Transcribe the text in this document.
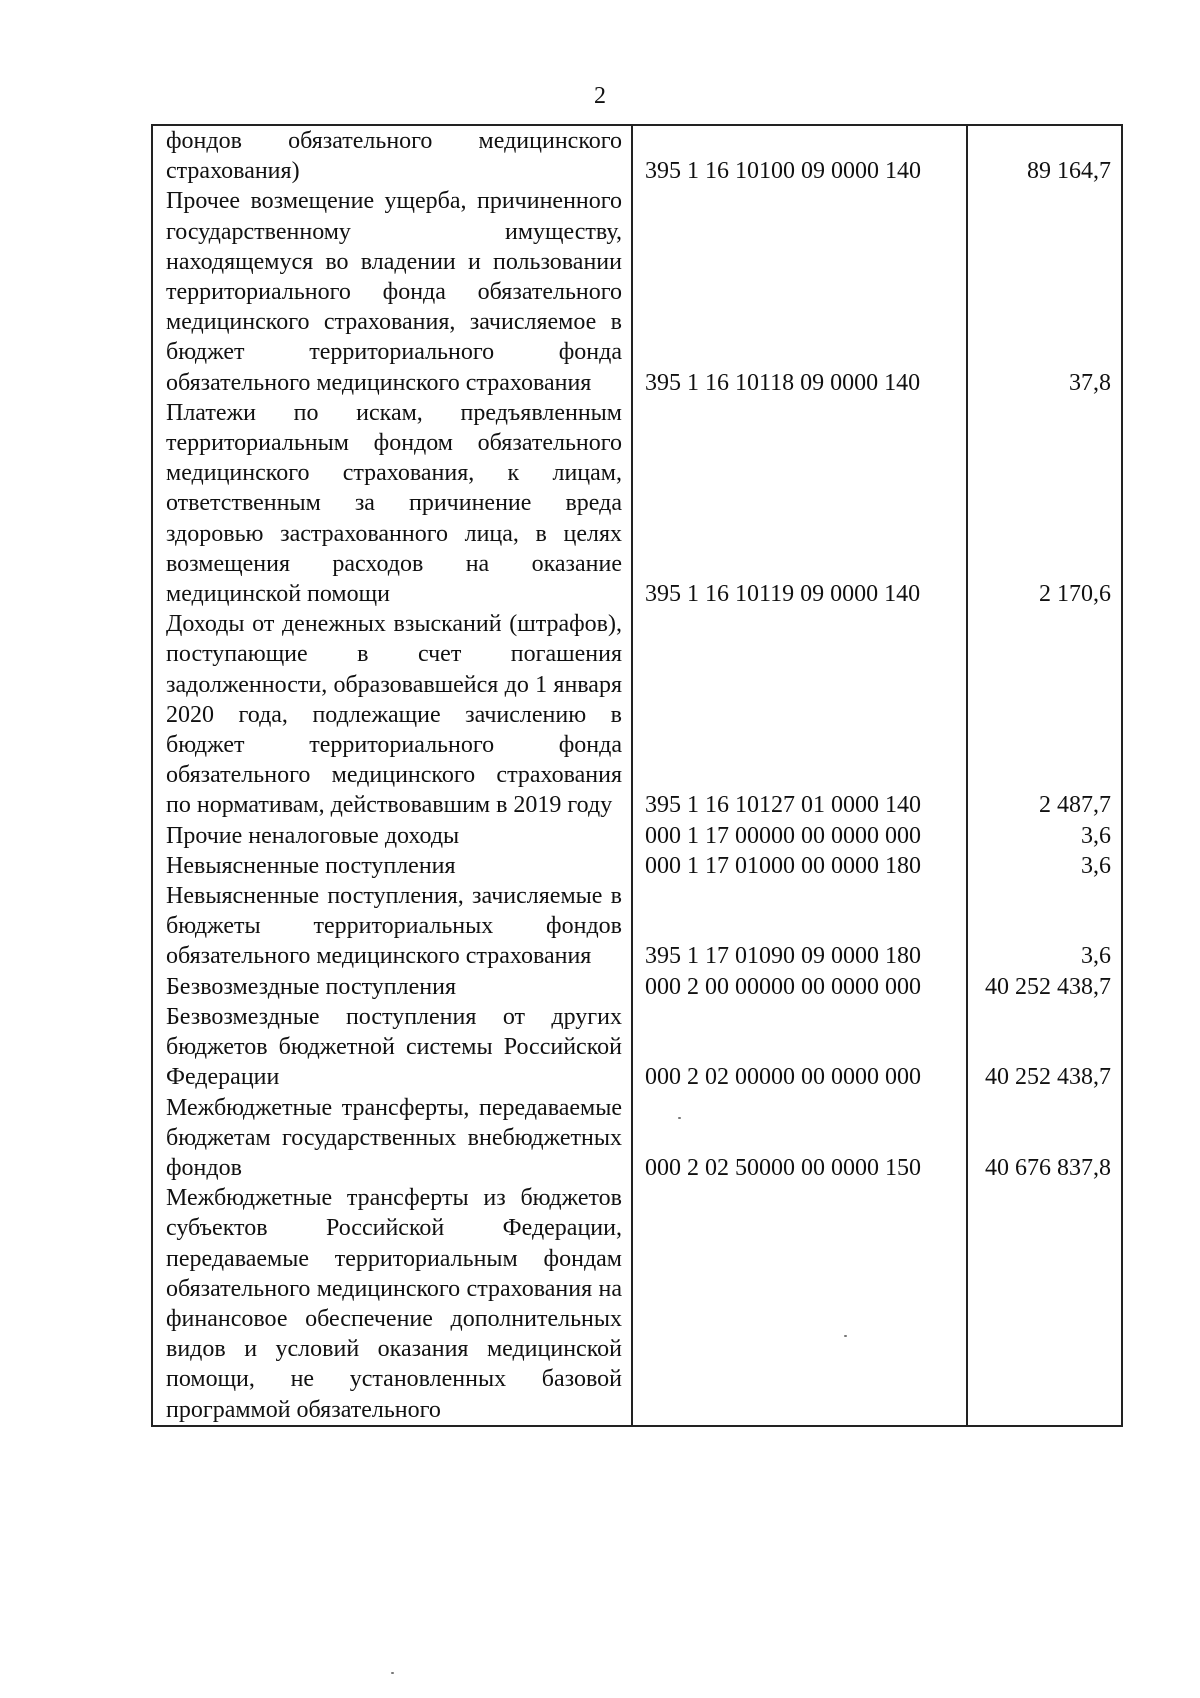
2
фондов обязательного медицинского страхования)	395 1 16 10100 09 0000 140	89 164,7

Прочее возмещение ущерба, причиненного государственному имуществу, находящемуся во владении и пользовании территориального фонда обязательного медицинского страхования, зачисляемое в бюджет территориального фонда обязательного медицинского страхования	395 1 16 10118 09 0000 140	37,8

Платежи по искам, предъявленным территориальным фондом обязательного медицинского страхования, к лицам, ответственным за причинение вреда здоровью застрахованного лица, в целях возмещения расходов на оказание медицинской помощи	395 1 16 10119 09 0000 140	2 170,6

Доходы от денежных взысканий (штрафов), поступающие в счет погашения задолженности, образовавшейся до 1 января 2020 года, подлежащие зачислению в бюджет территориального фонда обязательного медицинского страхования по нормативам, действовавшим в 2019 году	395 1 16 10127 01 0000 140	2 487,7

Прочие неналоговые доходы	000 1 17 00000 00 0000 000	3,6

Невыясненные поступления	000 1 17 01000 00 0000 180	3,6

Невыясненные поступления, зачисляемые в бюджеты территориальных фондов обязательного медицинского страхования	395 1 17 01090 09 0000 180	3,6

Безвозмездные поступления	000 2 00 00000 00 0000 000	40 252 438,7

Безвозмездные поступления от других бюджетов бюджетной системы Российской Федерации	000 2 02 00000 00 0000 000	40 252 438,7

Межбюджетные трансферты, передаваемые бюджетам государственных внебюджетных фондов	000 2 02 50000 00 0000 150	40 676 837,8

Межбюджетные трансферты из бюджетов субъектов Российской Федерации, передаваемые территориальным фондам обязательного медицинского страхования на финансовое обеспечение дополнительных видов и условий оказания медицинской помощи, не установленных базовой программой обязательного		
